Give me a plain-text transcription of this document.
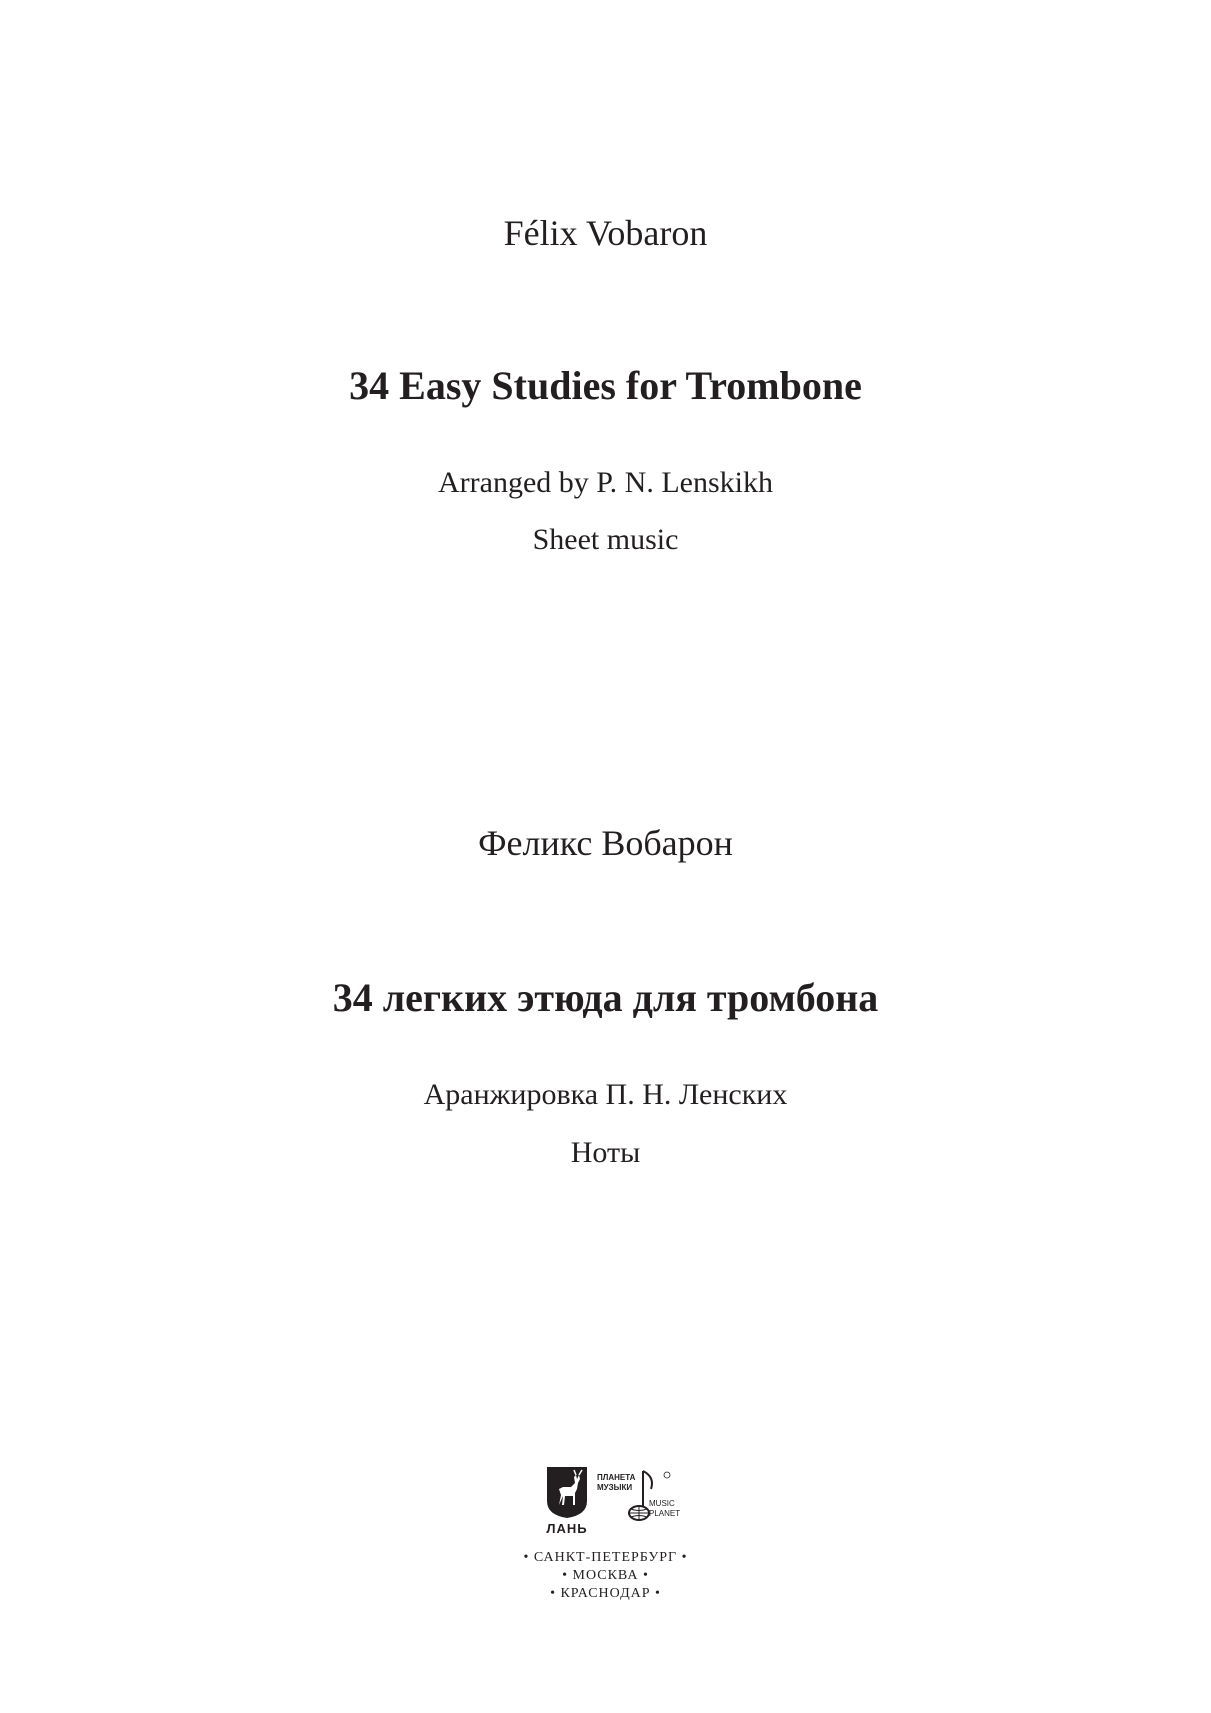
Félix Vobaron
34 Easy Studies for Trombone
Arranged by P. N. Lenskikh
Sheet music
Феликс Вобарон
34 легких этюда для тромбона
Аранжировка П. Н. Ленских
Ноты
ЛАНЬ
ПЛАНЕТА
МУЗЫКИ
MUSIC
PLANET
• САНКТ-ПЕТЕРБУРГ •
• МОСКВА •
• КРАСНОДАР •
